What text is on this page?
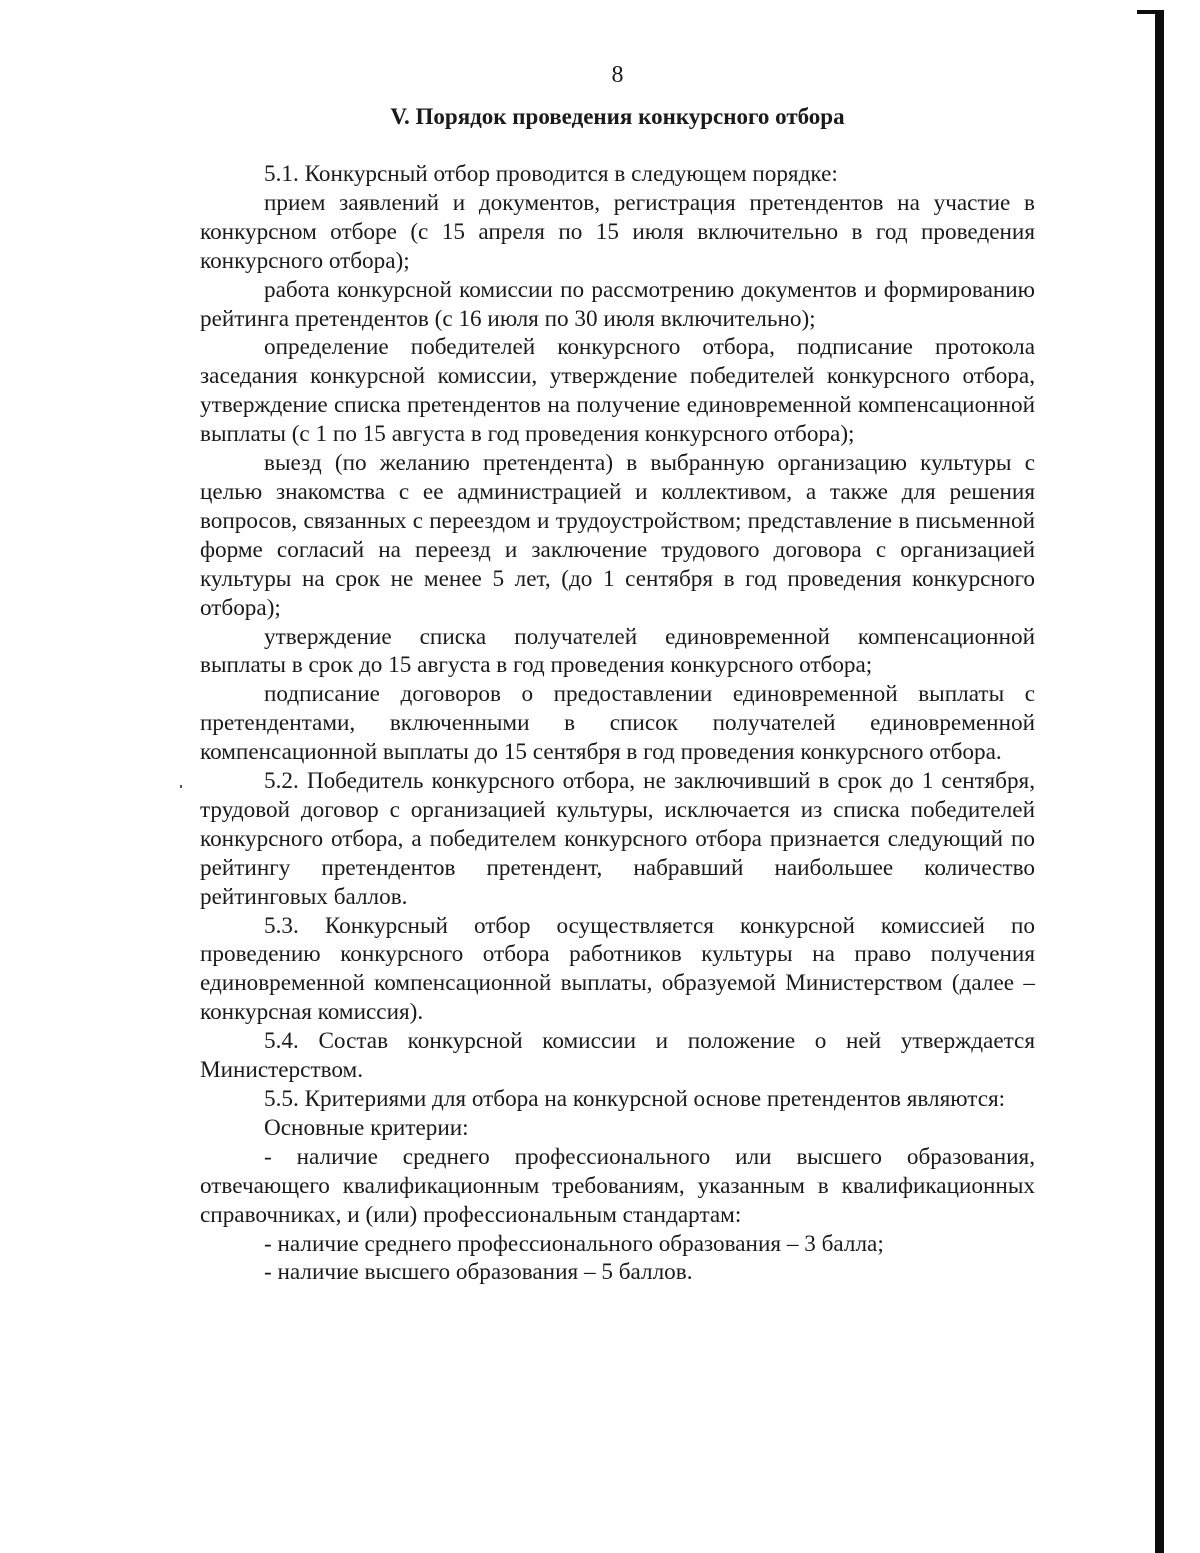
8
V. Порядок проведения конкурсного отбора

5.1. Конкурсный отбор проводится в следующем порядке:

прием заявлений и документов, регистрация претендентов на участие в конкурсном отборе (с 15 апреля по 15 июля включительно в год проведения конкурсного отбора);

работа конкурсной комиссии по рассмотрению документов и формированию рейтинга претендентов (с 16 июля по 30 июля включительно);

определение победителей конкурсного отбора, подписание протокола заседания конкурсной комиссии, утверждение победителей конкурсного отбора, утверждение списка претендентов на получение единовременной компенсационной выплаты (с 1 по 15 августа в год проведения конкурсного отбора);

выезд (по желанию претендента) в выбранную организацию культуры с целью знакомства с ее администрацией и коллективом, а также для решения вопросов, связанных с переездом и трудоустройством; представление в письменной форме согласий на переезд и заключение трудового договора с организацией культуры на срок не менее 5 лет, (до 1 сентября в год проведения конкурсного отбора);

утверждение списка получателей единовременной компенсационной выплаты в срок до 15 августа в год проведения конкурсного отбора;

подписание договоров о предоставлении единовременной выплаты с претендентами, включенными в список получателей единовременной компенсационной выплаты до 15 сентября в год проведения конкурсного отбора.

5.2. Победитель конкурсного отбора, не заключивший в срок до 1 сентября, трудовой договор с организацией культуры, исключается из списка победителей конкурсного отбора, а победителем конкурсного отбора признается следующий по рейтингу претендентов претендент, набравший наибольшее количество рейтинговых баллов.

5.3. Конкурсный отбор осуществляется конкурсной комиссией по проведению конкурсного отбора работников культуры на право получения единовременной компенсационной выплаты, образуемой Министерством (далее – конкурсная комиссия).

5.4. Состав конкурсной комиссии и положение о ней утверждается Министерством.

5.5. Критериями для отбора на конкурсной основе претендентов являются:

Основные критерии:

- наличие среднего профессионального или высшего образования, отвечающего квалификационным требованиям, указанным в квалификационных справочниках, и (или) профессиональным стандартам:

- наличие среднего профессионального образования – 3 балла;

- наличие высшего образования – 5 баллов.
